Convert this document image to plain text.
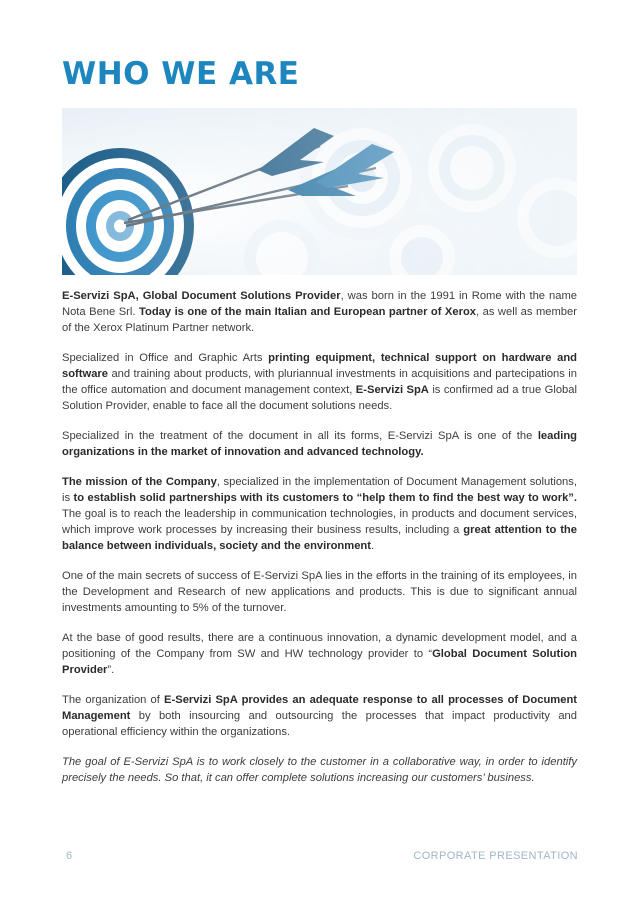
WHO WE ARE

E-Servizi SpA, Global Document Solutions Provider, was born in the 1991 in Rome with the name Nota Bene Srl. Today is one of the main Italian and European partner of Xerox, as well as member of the Xerox Platinum Partner network.

Specialized in Office and Graphic Arts printing equipment, technical support on hardware and software and training about products, with pluriannual investments in acquisitions and partecipations in the office automation and document management context, E-Servizi SpA is confirmed ad a true Global Solution Provider, enable to face all the document solutions needs.

Specialized in the treatment of the document in all its forms, E-Servizi SpA is one of the leading organizations in the market of innovation and advanced technology.

The mission of the Company, specialized in the implementation of Document Management solutions, is to establish solid partnerships with its customers to “help them to find the best way to work”. The goal is to reach the leadership in communication technologies, in products and document services, which improve work processes by increasing their business results, including a great attention to the balance between individuals, society and the environment.

One of the main secrets of success of E-Servizi SpA lies in the efforts in the training of its employees, in the Development and Research of new applications and products. This is due to significant annual investments amounting to 5% of the turnover.

At the base of good results, there are a continuous innovation, a dynamic development model, and a positioning of the Company from SW and HW technology provider to “Global Document Solution Provider”.

The organization of E-Servizi SpA provides an adequate response to all processes of Document Management by both insourcing and outsourcing the processes that impact productivity and operational efficiency within the organizations.

The goal of E-Servizi SpA is to work closely to the customer in a collaborative way, in order to identify precisely the needs. So that, it can offer complete solutions increasing our customers’ business.

6	CORPORATE PRESENTATION
